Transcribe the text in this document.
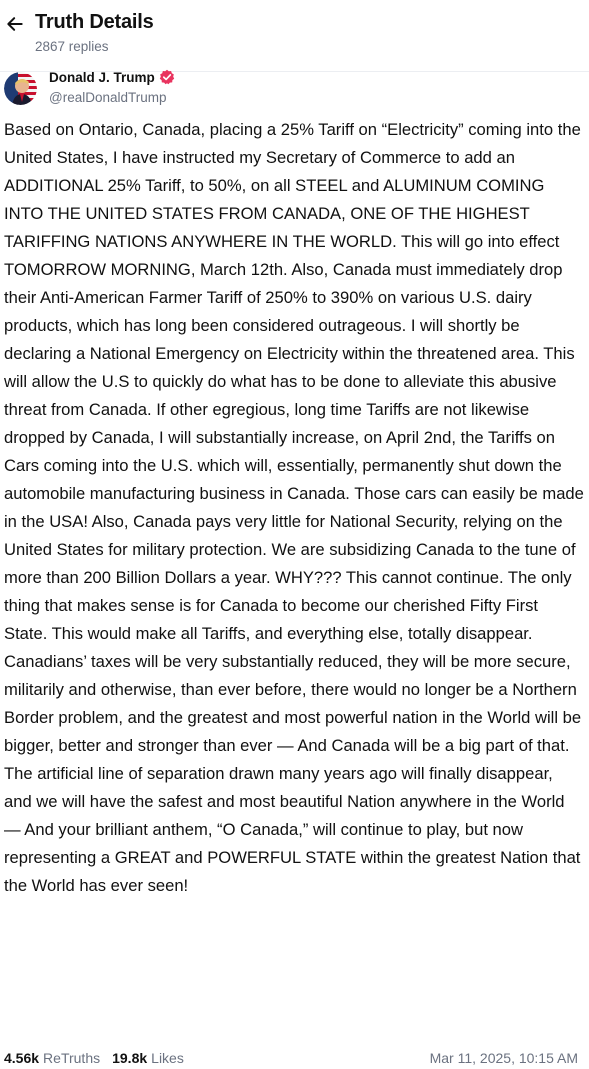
Truth Details
2867 replies
Donald J. Trump
@realDonaldTrump
Based on Ontario, Canada, placing a 25% Tariff on “Electricity” coming into the United States, I have instructed my Secretary of Commerce to add an ADDITIONAL 25% Tariff, to 50%, on all STEEL and ALUMINUM COMING INTO THE UNITED STATES FROM CANADA, ONE OF THE HIGHEST TARIFFING NATIONS ANYWHERE IN THE WORLD. This will go into effect TOMORROW MORNING, March 12th. Also, Canada must immediately drop their Anti-American Farmer Tariff of 250% to 390% on various U.S. dairy products, which has long been considered outrageous. I will shortly be declaring a National Emergency on Electricity within the threatened area. This will allow the U.S to quickly do what has to be done to alleviate this abusive threat from Canada. If other egregious, long time Tariffs are not likewise dropped by Canada, I will substantially increase, on April 2nd, the Tariffs on Cars coming into the U.S. which will, essentially, permanently shut down the automobile manufacturing business in Canada. Those cars can easily be made in the USA! Also, Canada pays very little for National Security, relying on the United States for military protection. We are subsidizing Canada to the tune of more than 200 Billion Dollars a year. WHY??? This cannot continue. The only thing that makes sense is for Canada to become our cherished Fifty First State. This would make all Tariffs, and everything else, totally disappear. Canadians’ taxes will be very substantially reduced, they will be more secure, militarily and otherwise, than ever before, there would no longer be a Northern Border problem, and the greatest and most powerful nation in the World will be bigger, better and stronger than ever — And Canada will be a big part of that. The artificial line of separation drawn many years ago will finally disappear, and we will have the safest and most beautiful Nation anywhere in the World — And your brilliant anthem, “O Canada,” will continue to play, but now representing a GREAT and POWERFUL STATE within the greatest Nation that the World has ever seen!
4.56k ReTruths 19.8k Likes	Mar 11, 2025, 10:15 AM
